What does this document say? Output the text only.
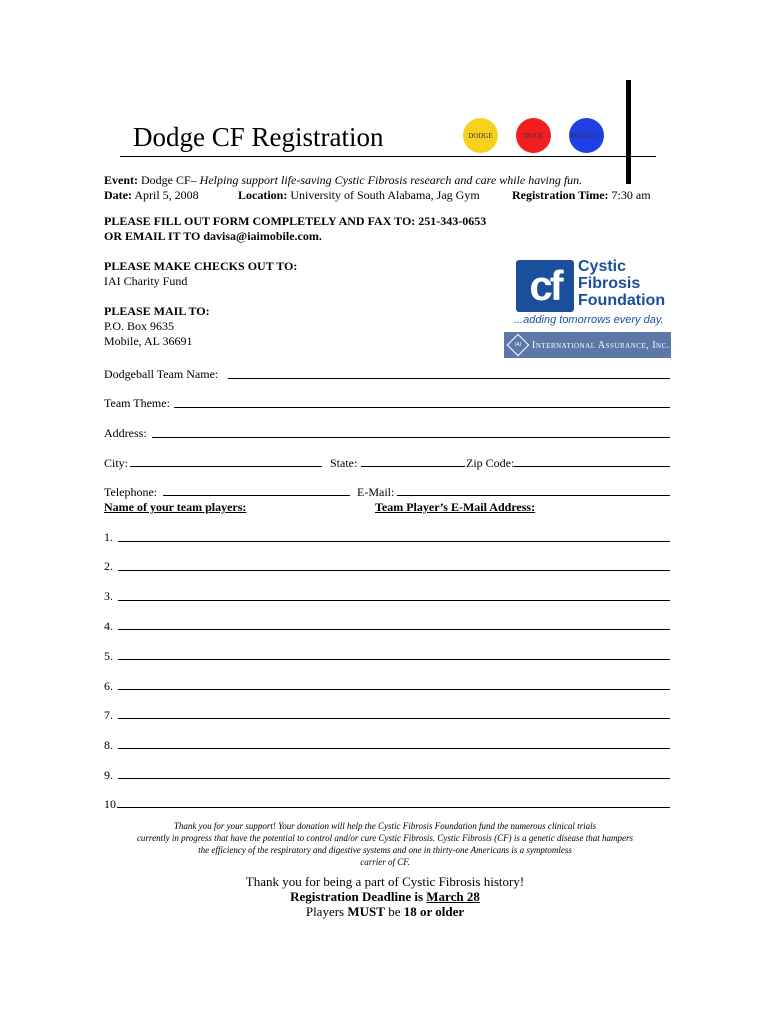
Dodge CF Registration	DODGE	DUCK	DEFLECT
Event: Dodge CF– Helping support life-saving Cystic Fibrosis research and care while having fun.
Date: April 5, 2008	Location: University of South Alabama, Jag Gym	Registration Time: 7:30 am
PLEASE FILL OUT FORM COMPLETELY AND FAX TO: 251-343-0653
OR EMAIL IT TO davisa@iaimobile.com.
PLEASE MAKE CHECKS OUT TO:
IAI Charity Fund
PLEASE MAIL TO:
P.O. Box 9635
Mobile, AL 36691
cf Cystic
Fibrosis
Foundation
...adding tomorrows every day.
IAI International Assurance, Inc.
Dodgeball Team Name:
Team Theme:
Address:
City:	State:	Zip Code:
Telephone:	E-Mail:
Name of your team players:	Team Player’s E-Mail Address:
1.
2.
3.
4.
5.
6.
7.
8.
9.
10.
Thank you for your support! Your donation will help the Cystic Fibrosis Foundation fund the numerous clinical trials
currently in progress that have the potential to control and/or cure Cystic Fibrosis. Cystic Fibrosis (CF) is a genetic disease that hampers
the efficiency of the respiratory and digestive systems and one in thirty-one Americans is a symptomless
carrier of CF.
Thank you for being a part of Cystic Fibrosis history!
Registration Deadline is March 28
Players MUST be 18 or older
